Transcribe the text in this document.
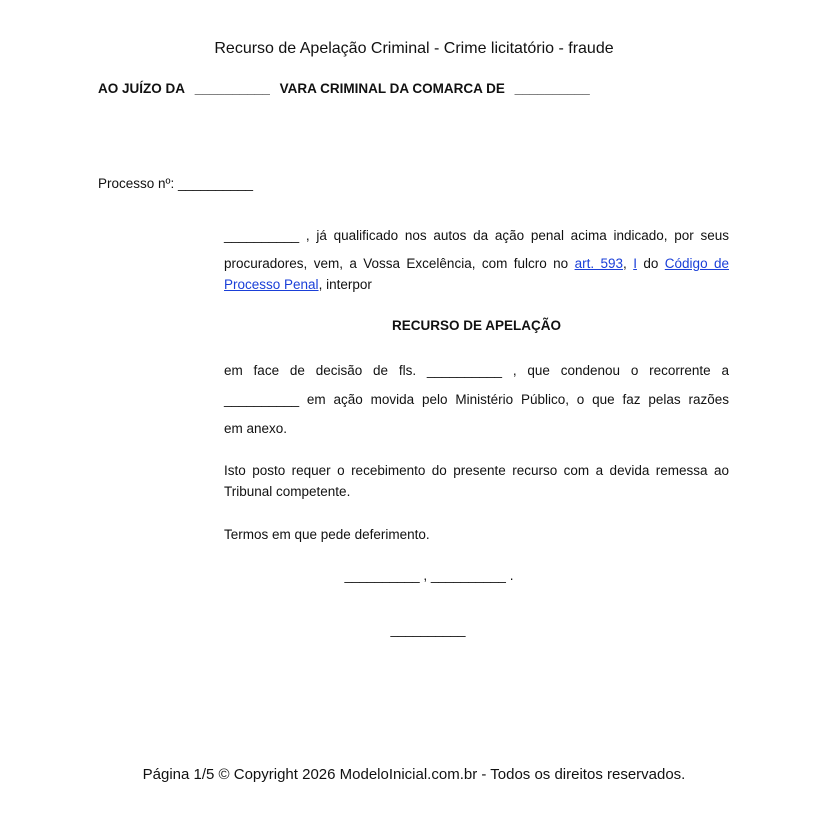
Recurso de Apelação Criminal - Crime licitatório - fraude
AO JUÍZO DA __________ VARA CRIMINAL DA COMARCA DE __________
Processo nº: __________
__________ , já qualificado nos autos da ação penal acima indicado, por seus
procuradores, vem, a Vossa Excelência, com fulcro no art. 593, I do Código de
Processo Penal, interpor
RECURSO DE APELAÇÃO
em face de decisão de fls. __________ , que condenou o recorrente a
__________ em ação movida pelo Ministério Público, o que faz pelas razões
em anexo.
Isto posto requer o recebimento do presente recurso com a devida remessa ao Tribunal competente.
Termos em que pede deferimento.
__________ , __________ .
__________
Página 1/5 © Copyright 2026 ModeloInicial.com.br - Todos os direitos reservados.
